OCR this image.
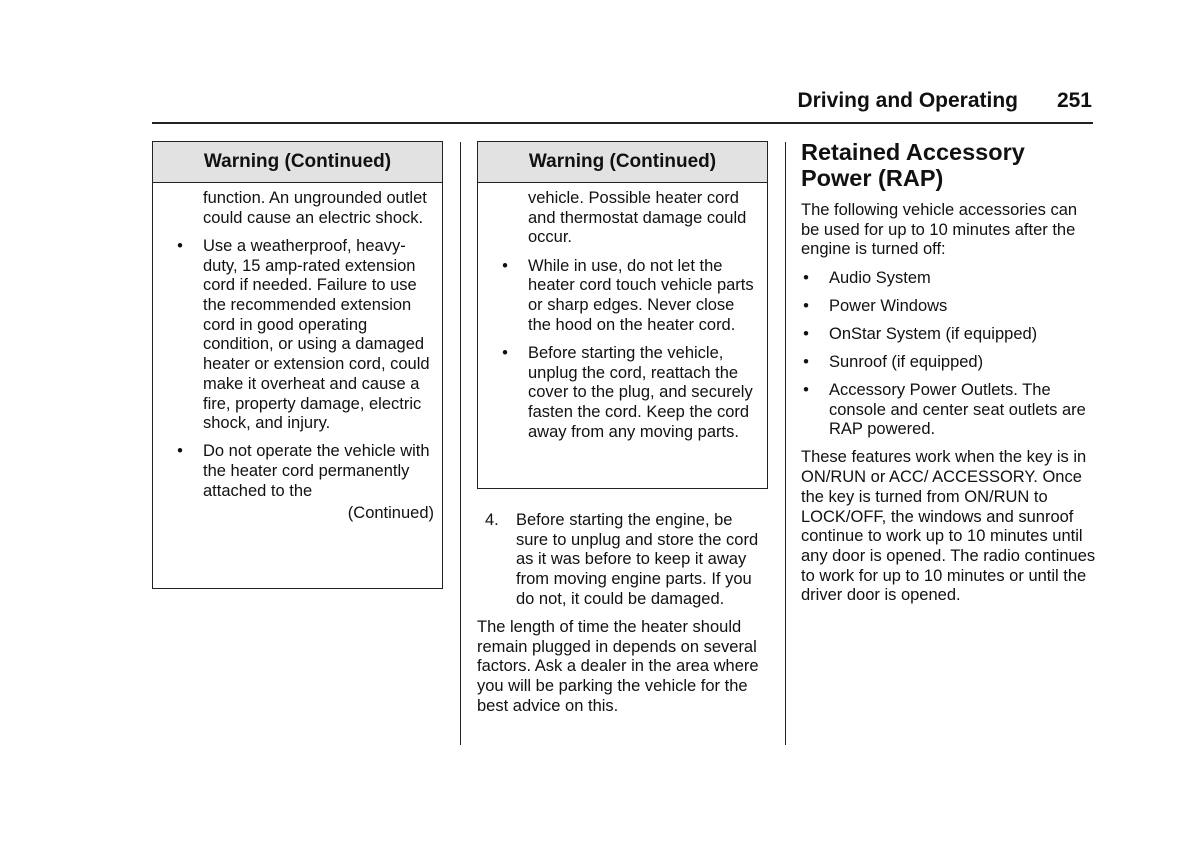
Driving and Operating	251
Warning (Continued)
function. An ungrounded outlet could cause an electric shock.
• Use a weatherproof, heavy-duty, 15 amp-rated extension cord if needed. Failure to use the recommended extension cord in good operating condition, or using a damaged heater or extension cord, could make it overheat and cause a fire, property damage, electric shock, and injury.
• Do not operate the vehicle with the heater cord permanently attached to the
(Continued)
Warning (Continued)
vehicle. Possible heater cord and thermostat damage could occur.
• While in use, do not let the heater cord touch vehicle parts or sharp edges. Never close the hood on the heater cord.
• Before starting the vehicle, unplug the cord, reattach the cover to the plug, and securely fasten the cord. Keep the cord away from any moving parts.
4. Before starting the engine, be sure to unplug and store the cord as it was before to keep it away from moving engine parts. If you do not, it could be damaged.

The length of time the heater should remain plugged in depends on several factors. Ask a dealer in the area where you will be parking the vehicle for the best advice on this.

Retained Accessory Power (RAP)

The following vehicle accessories can be used for up to 10 minutes after the engine is turned off:

• Audio System
• Power Windows
• OnStar System (if equipped)
• Sunroof (if equipped)
• Accessory Power Outlets. The console and center seat outlets are RAP powered.

These features work when the key is in ON/RUN or ACC/ ACCESSORY. Once the key is turned from ON/RUN to LOCK/OFF, the windows and sunroof continue to work up to 10 minutes until any door is opened. The radio continues to work for up to 10 minutes or until the driver door is opened.
